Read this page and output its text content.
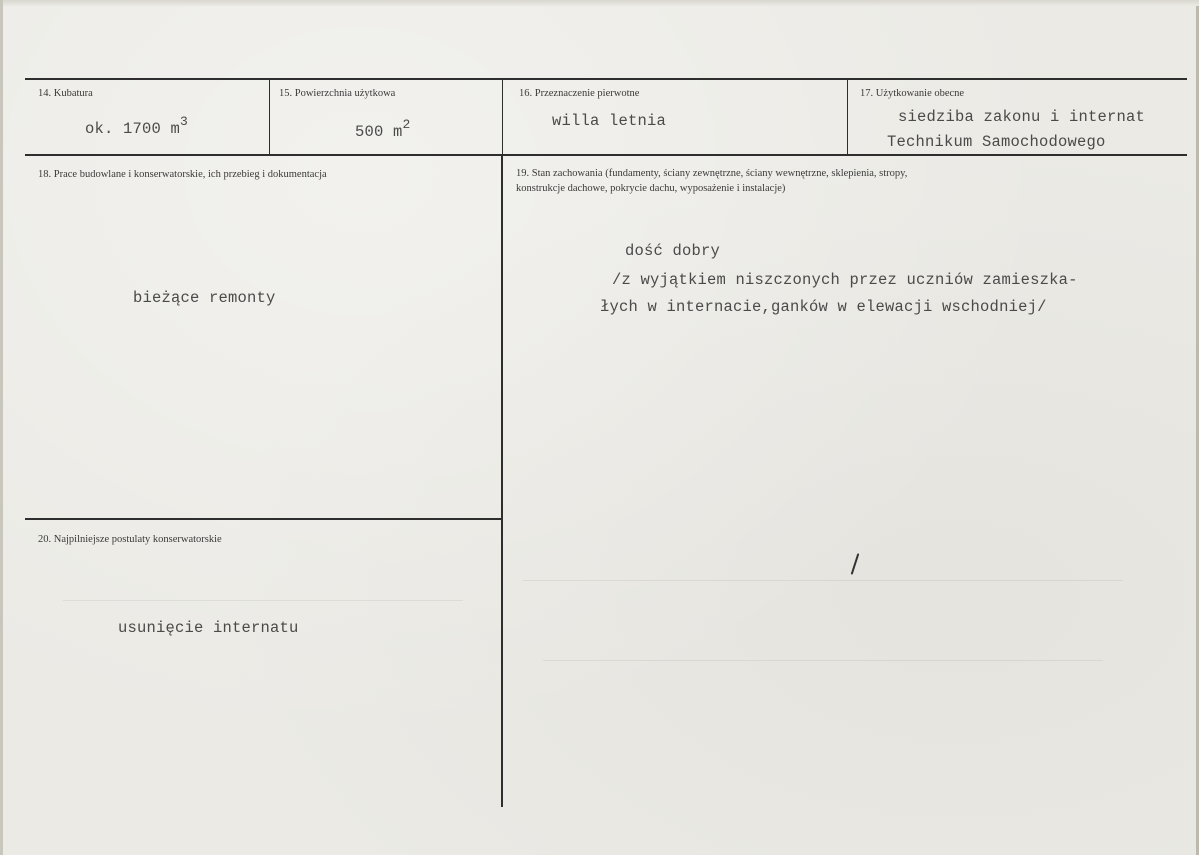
14. Kubatura
ok. 1700 $m^3$
15. Powierzchnia użytkowa
500 $m^2$
16. Przeznaczenie pierwotne
willa letnia
17. Użytkowanie obecne
siedziba zakonu i internat
Technikum Samochodowego
18. Prace budowlane i konserwatorskie, ich przebieg i dokumentacja
bieżące remonty
19. Stan zachowania (fundamenty, ściany zewnętrzne, ściany wewnętrzne, sklepienia, stropy,
konstrukcje dachowe, pokrycie dachu, wyposażenie i instalacje)
dość dobry
/z wyjątkiem niszczonych przez uczniów zamieszka-
łych w internacie,ganków w elewacji wschodniej/
20. Najpilniejsze postulaty konserwatorskie
usunięcie internatu
